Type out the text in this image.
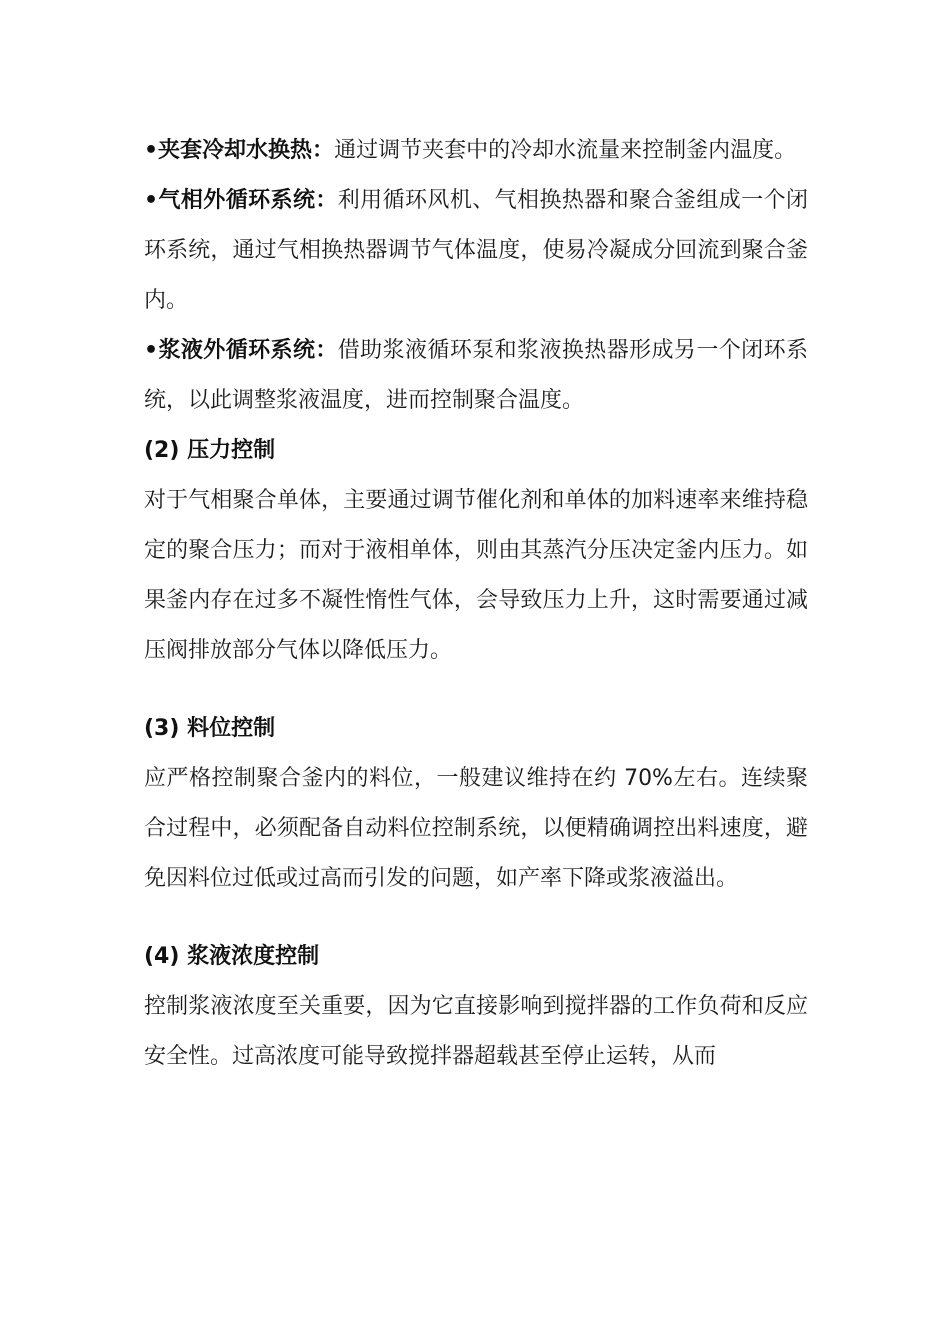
•夹套冷却水换热：通过调节夹套中的冷却水流量来控制釜内温度。

•气相外循环系统：利用循环风机、气相换热器和聚合釜组成一个闭环系统，通过气相换热器调节气体温度，使易冷凝成分回流到聚合釜内。

•浆液外循环系统：借助浆液循环泵和浆液换热器形成另一个闭环系统，以此调整浆液温度，进而控制聚合温度。

(2) 压力控制

对于气相聚合单体，主要通过调节催化剂和单体的加料速率来维持稳定的聚合压力；而对于液相单体，则由其蒸汽分压决定釜内压力。如果釜内存在过多不凝性惰性气体，会导致压力上升，这时需要通过减压阀排放部分气体以降低压力。

(3) 料位控制

应严格控制聚合釜内的料位，一般建议维持在约 70%左右。连续聚合过程中，必须配备自动料位控制系统，以便精确调控出料速度，避免因料位过低或过高而引发的问题，如产率下降或浆液溢出。

(4) 浆液浓度控制

控制浆液浓度至关重要，因为它直接影响到搅拌器的工作负荷和反应安全性。过高浓度可能导致搅拌器超载甚至停止运转，从而
